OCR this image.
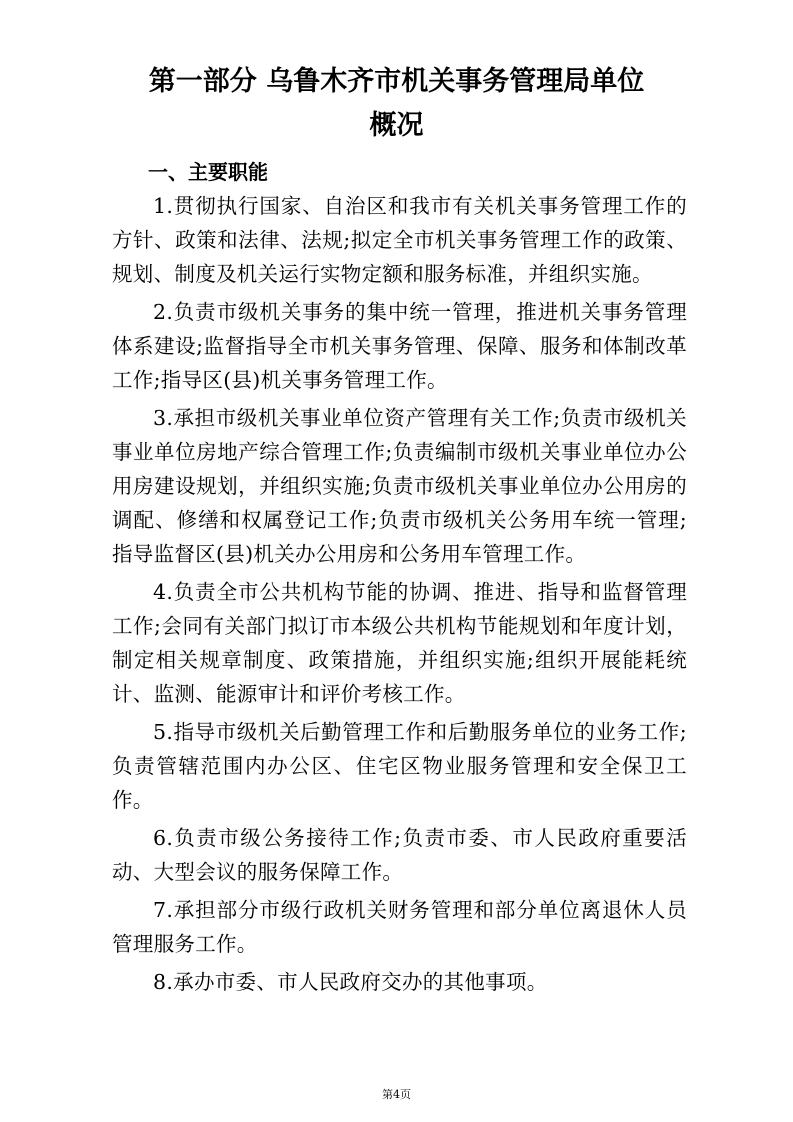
第一部分 乌鲁木齐市机关事务管理局单位
概况
一、主要职能

1.贯彻执行国家、自治区和我市有关机关事务管理工作的方针、政策和法律、法规;拟定全市机关事务管理工作的政策、规划、制度及机关运行实物定额和服务标准，并组织实施。

2.负责市级机关事务的集中统一管理，推进机关事务管理体系建设;监督指导全市机关事务管理、保障、服务和体制改革工作;指导区(县)机关事务管理工作。

3.承担市级机关事业单位资产管理有关工作;负责市级机关事业单位房地产综合管理工作;负责编制市级机关事业单位办公用房建设规划，并组织实施;负责市级机关事业单位办公用房的调配、修缮和权属登记工作;负责市级机关公务用车统一管理;指导监督区(县)机关办公用房和公务用车管理工作。

4.负责全市公共机构节能的协调、推进、指导和监督管理工作;会同有关部门拟订市本级公共机构节能规划和年度计划，制定相关规章制度、政策措施，并组织实施;组织开展能耗统计、监测、能源审计和评价考核工作。

5.指导市级机关后勤管理工作和后勤服务单位的业务工作;负责管辖范围内办公区、住宅区物业服务管理和安全保卫工作。

6.负责市级公务接待工作;负责市委、市人民政府重要活动、大型会议的服务保障工作。

7.承担部分市级行政机关财务管理和部分单位离退休人员管理服务工作。

8.承办市委、市人民政府交办的其他事项。

第4页
